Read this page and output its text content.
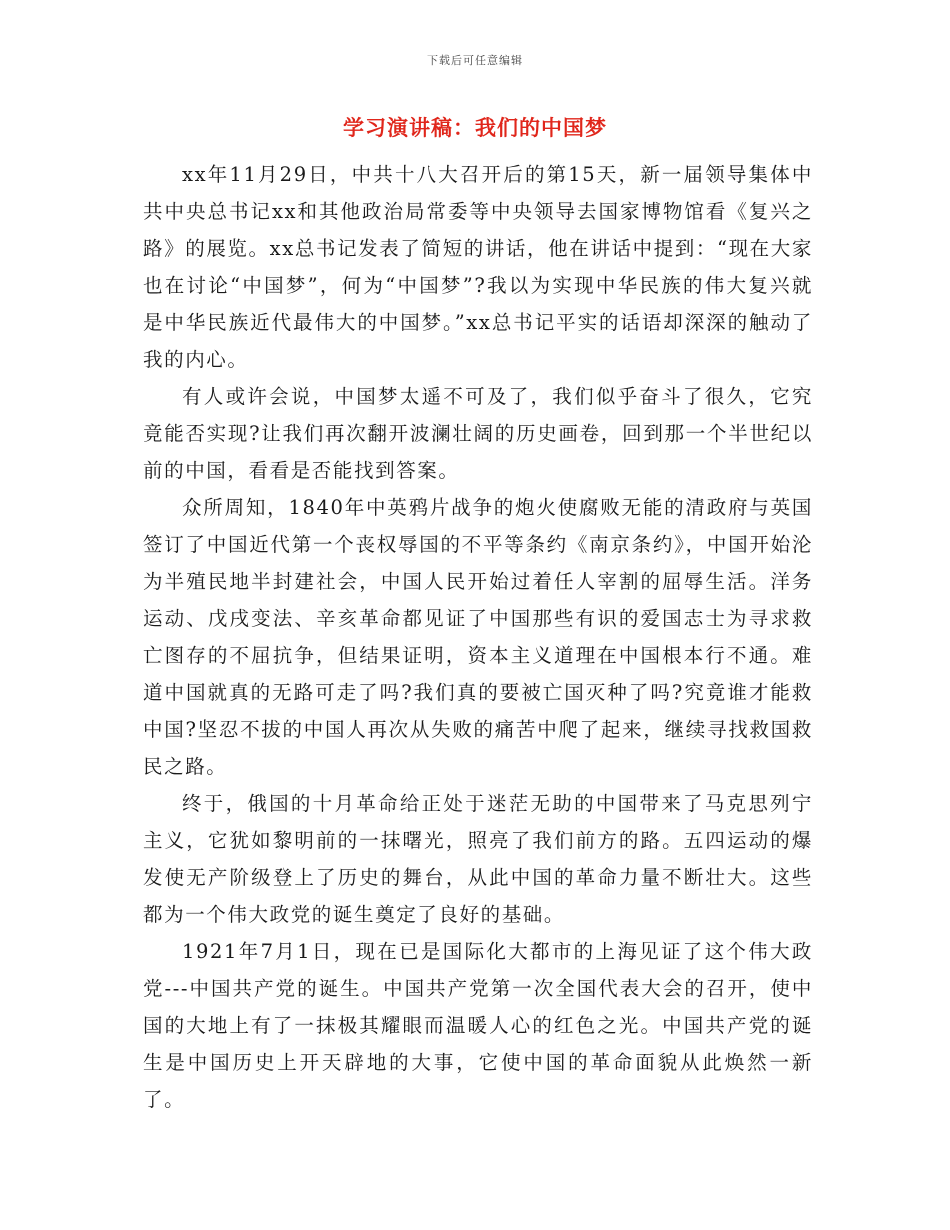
下载后可任意编辑
学习演讲稿：我们的中国梦

xx年11月29日，中共十八大召开后的第15天，新一届领导集体中共中央总书记xx和其他政治局常委等中央领导去国家博物馆看《复兴之路》的展览。xx总书记发表了简短的讲话，他在讲话中提到：“现在大家也在讨论“中国梦”，何为“中国梦”?我以为实现中华民族的伟大复兴就是中华民族近代最伟大的中国梦。”xx总书记平实的话语却深深的触动了我的内心。

有人或许会说，中国梦太遥不可及了，我们似乎奋斗了很久，它究竟能否实现?让我们再次翻开波澜壮阔的历史画卷，回到那一个半世纪以前的中国，看看是否能找到答案。

众所周知，1840年中英鸦片战争的炮火使腐败无能的清政府与英国签订了中国近代第一个丧权辱国的不平等条约《南京条约》，中国开始沦为半殖民地半封建社会，中国人民开始过着任人宰割的屈辱生活。洋务运动、戊戌变法、辛亥革命都见证了中国那些有识的爱国志士为寻求救亡图存的不屈抗争，但结果证明，资本主义道理在中国根本行不通。难道中国就真的无路可走了吗?我们真的要被亡国灭种了吗?究竟谁才能救中国?坚忍不拔的中国人再次从失败的痛苦中爬了起来，继续寻找救国救民之路。

终于，俄国的十月革命给正处于迷茫无助的中国带来了马克思列宁主义，它犹如黎明前的一抹曙光，照亮了我们前方的路。五四运动的爆发使无产阶级登上了历史的舞台，从此中国的革命力量不断壮大。这些都为一个伟大政党的诞生奠定了良好的基础。

1921年7月1日，现在已是国际化大都市的上海见证了这个伟大政党---中国共产党的诞生。中国共产党第一次全国代表大会的召开，使中国的大地上有了一抹极其耀眼而温暖人心的红色之光。中国共产党的诞生是中国历史上开天辟地的大事，它使中国的革命面貌从此焕然一新了。
